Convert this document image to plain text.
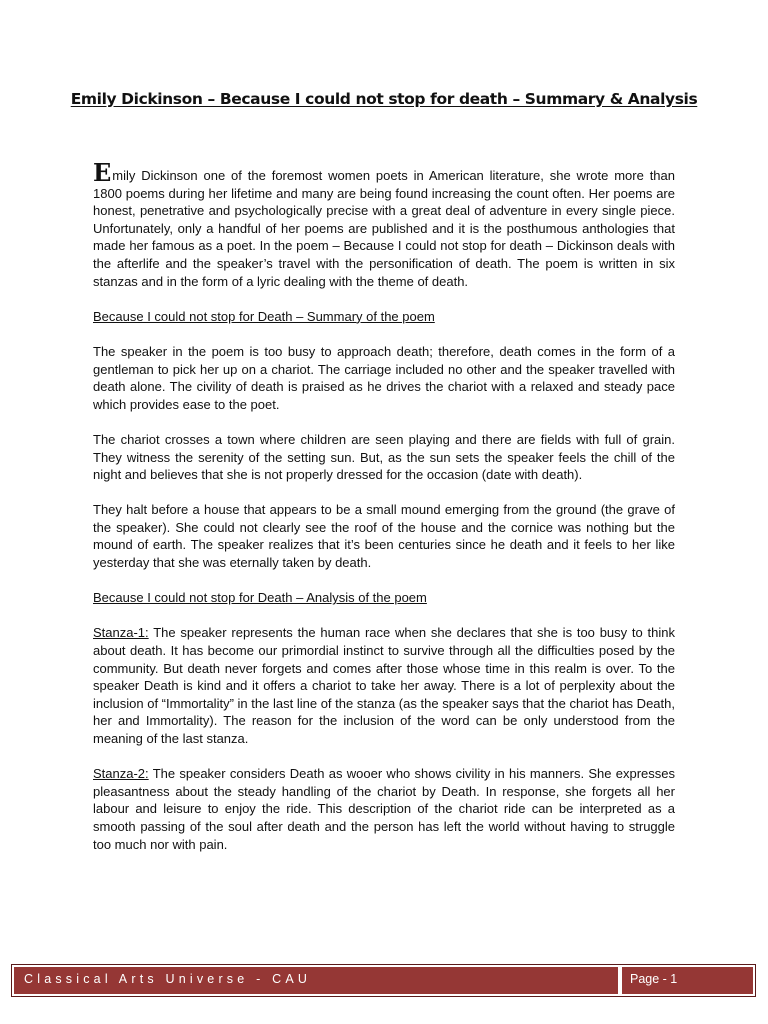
Emily Dickinson – Because I could not stop for death – Summary & Analysis

Emily Dickinson one of the foremost women poets in American literature, she wrote more than 1800 poems during her lifetime and many are being found increasing the count often. Her poems are honest, penetrative and psychologically precise with a great deal of adventure in every single piece. Unfortunately, only a handful of her poems are published and it is the posthumous anthologies that made her famous as a poet. In the poem – Because I could not stop for death – Dickinson deals with the afterlife and the speaker’s travel with the personification of death. The poem is written in six stanzas and in the form of a lyric dealing with the theme of death.

Because I could not stop for Death – Summary of the poem

The speaker in the poem is too busy to approach death; therefore, death comes in the form of a gentleman to pick her up on a chariot. The carriage included no other and the speaker travelled with death alone. The civility of death is praised as he drives the chariot with a relaxed and steady pace which provides ease to the poet.

The chariot crosses a town where children are seen playing and there are fields with full of grain. They witness the serenity of the setting sun. But, as the sun sets the speaker feels the chill of the night and believes that she is not properly dressed for the occasion (date with death).

They halt before a house that appears to be a small mound emerging from the ground (the grave of the speaker). She could not clearly see the roof of the house and the cornice was nothing but the mound of earth. The speaker realizes that it’s been centuries since he death and it feels to her like yesterday that she was eternally taken by death.

Because I could not stop for Death – Analysis of the poem

Stanza-1: The speaker represents the human race when she declares that she is too busy to think about death. It has become our primordial instinct to survive through all the difficulties posed by the community. But death never forgets and comes after those whose time in this realm is over. To the speaker Death is kind and it offers a chariot to take her away. There is a lot of perplexity about the inclusion of “Immortality” in the last line of the stanza (as the speaker says that the chariot has Death, her and Immortality). The reason for the inclusion of the word can be only understood from the meaning of the last stanza.

Stanza-2: The speaker considers Death as wooer who shows civility in his manners. She expresses pleasantness about the steady handling of the chariot by Death. In response, she forgets all her labour and leisure to enjoy the ride. This description of the chariot ride can be interpreted as a smooth passing of the soul after death and the person has left the world without having to struggle too much nor with pain.

Classical Arts Universe - CAU	Page - 1
